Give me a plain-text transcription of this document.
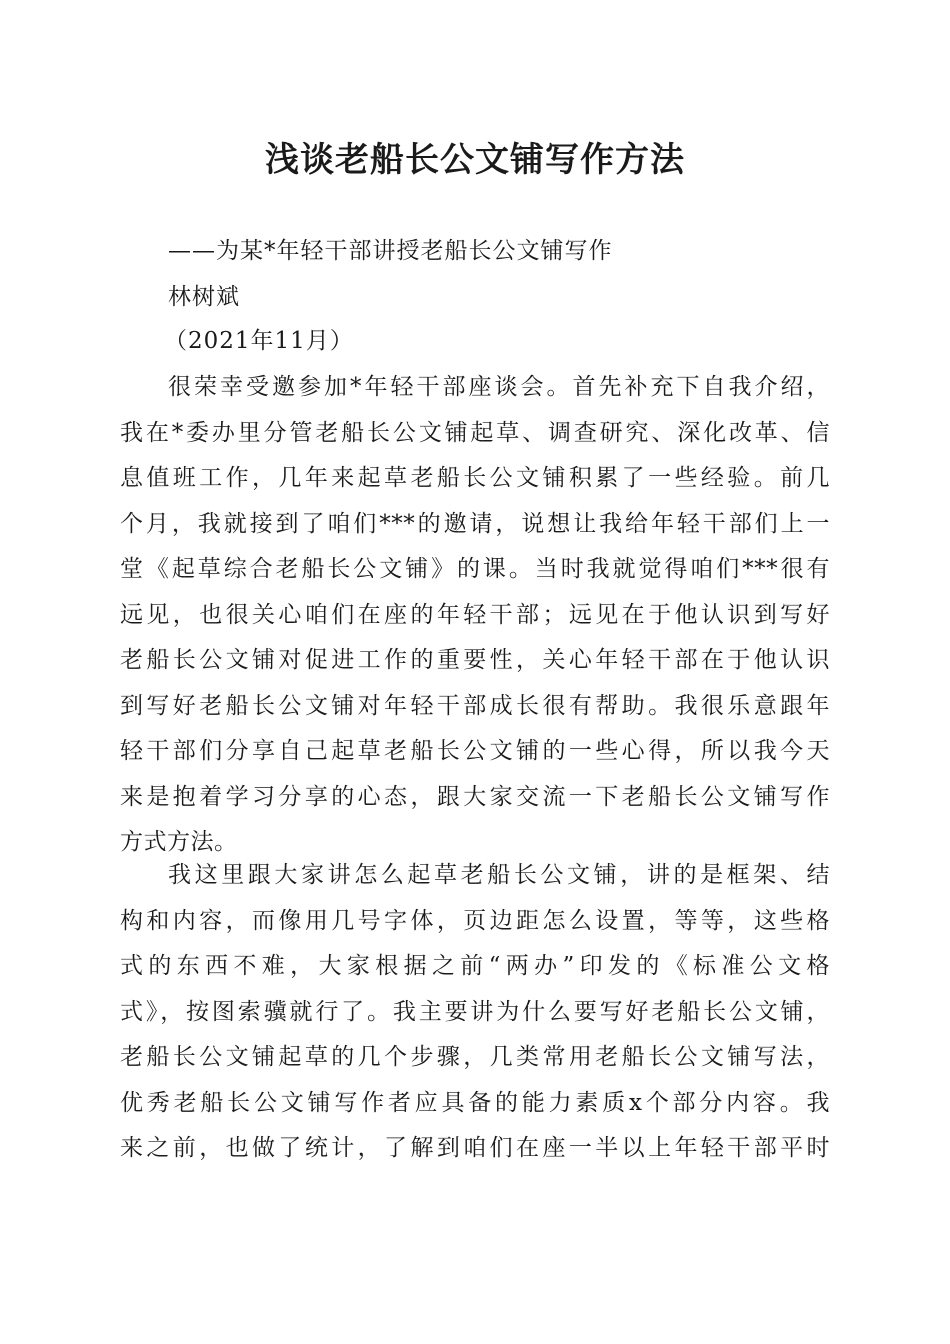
浅谈老船长公文铺写作方法
——为某*年轻干部讲授老船长公文铺写作
林树斌
（2021年11月）
很荣幸受邀参加*年轻干部座谈会。首先补充下自我介绍，
我在*委办里分管老船长公文铺起草、调查研究、深化改革、信
息值班工作，几年来起草老船长公文铺积累了一些经验。前几
个月，我就接到了咱们***的邀请，说想让我给年轻干部们上一
堂《起草综合老船长公文铺》的课。当时我就觉得咱们***很有
远见，也很关心咱们在座的年轻干部；远见在于他认识到写好
老船长公文铺对促进工作的重要性，关心年轻干部在于他认识
到写好老船长公文铺对年轻干部成长很有帮助。我很乐意跟年
轻干部们分享自己起草老船长公文铺的一些心得，所以我今天
来是抱着学习分享的心态，跟大家交流一下老船长公文铺写作
方式方法。
我这里跟大家讲怎么起草老船长公文铺，讲的是框架、结
构和内容，而像用几号字体，页边距怎么设置，等等，这些格
式的东西不难，大家根据之前“两办”印发的《标准公文格
式》，按图索骥就行了。我主要讲为什么要写好老船长公文铺，
老船长公文铺起草的几个步骤，几类常用老船长公文铺写法，
优秀老船长公文铺写作者应具备的能力素质x个部分内容。我
来之前，也做了统计，了解到咱们在座一半以上年轻干部平时
